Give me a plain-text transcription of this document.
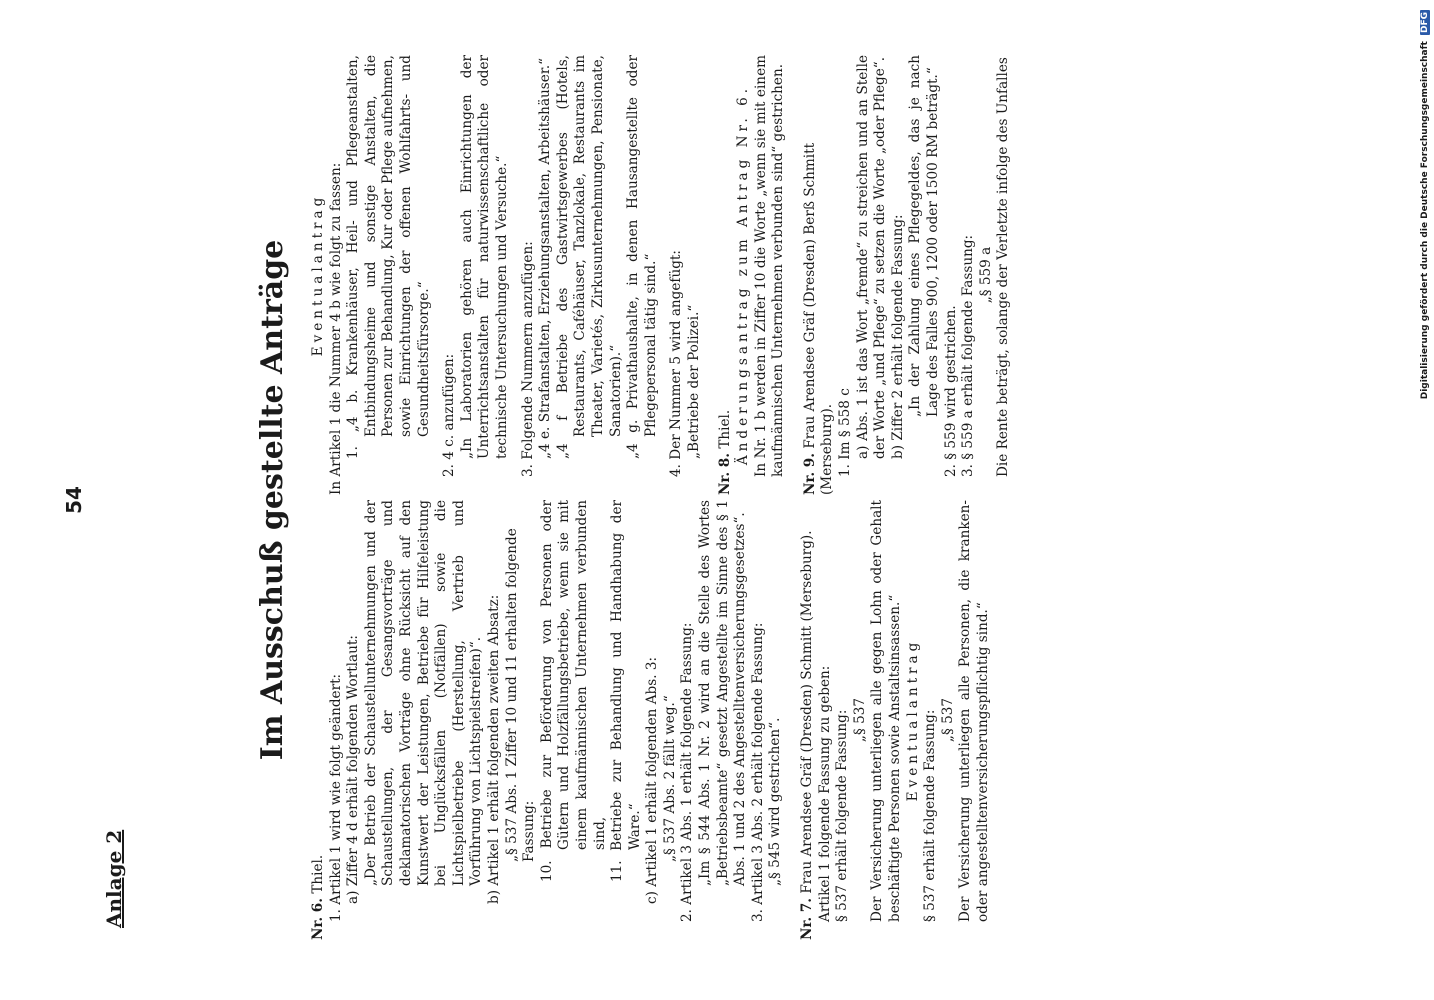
54

Anlage 2

Im Ausschuß gestellte Anträge
Nr. 6. Thiel. 1. Artikel 1 wird wie folgt geändert: a) Ziffer 4 d erhält folgenden Wortlaut: „Der Betrieb der Schaustellunternehmungen und der Schaustellungen, der Gesangsvorträge und deklamatorischen Vorträge ohne Rücksicht auf den Kunstwert der Leistungen, Betriebe für Hilfeleistung bei Unglücksfällen (Notfällen) sowie die Lichtspielbetriebe (Herstellung, Vertrieb und Vorführung von Lichtspielstreifen)“. b) Artikel 1 erhält folgenden zweiten Absatz: „§ 537 Abs. 1 Ziffer 10 und 11 erhalten folgende Fassung: 10. Betriebe zur Beförderung von Personen oder Gütern und Holzfällungsbetriebe, wenn sie mit einem kaufmännischen Unternehmen verbunden sind, 11. Betriebe zur Behandlung und Handhabung der Ware.“ c) Artikel 1 erhält folgenden Abs. 3: „§ 537 Abs. 2 fällt weg.“ 2. Artikel 3 Abs. 1 erhält folgende Fassung: „Im § 544 Abs. 1 Nr. 2 wird an die Stelle des Wortes „Betriebsbeamte“ gesetzt Angestellte im Sinne des § 1 Abs. 1 und 2 des Angestelltenversicherungsgesetzes“. 3. Artikel 3 Abs. 2 erhält folgende Fassung: „§ 545 wird gestrichen“.

Nr. 7. Frau Arendsee Gräf (Dresden) Schmitt (Merseburg). Artikel 1 folgende Fassung zu geben: § 537 erhält folgende Fassung: „§ 537 Der Versicherung unterliegen alle gegen Lohn oder Gehalt beschäftigte Personen sowie Anstaltsinsassen.“ Eventualantrag § 537 erhält folgende Fassung: „§ 537 Der Versicherung unterliegen alle Personen, die kranken- oder angestelltenversicherungspflichtig sind.“

Eventualantrag In Artikel 1 die Nummer 4 b wie folgt zu fassen: 1. „4 b. Krankenhäuser, Heil- und Pflegeanstalten, Entbindungsheime und sonstige Anstalten, die Personen zur Behandlung, Kur oder Pflege aufnehmen, sowie Einrichtungen der offenen Wohlfahrts- und Gesundheitsfürsorge.“ 2. 4 c. anzufügen: „In Laboratorien gehören auch Einrichtungen der Unterrichtsanstalten für naturwissenschaftliche oder technische Untersuchungen und Versuche.“ 3. Folgende Nummern anzufügen: „4 e. Strafanstalten, Erziehungsanstalten, Arbeitshäuser.“ „4 f Betriebe des Gastwirtsgewerbes (Hotels, Restaurants, Caféhäuser, Tanzlokale, Restaurants im Theater, Varietés, Zirkusunternehmungen, Pensionate, Sanatorien).“ „4 g. Privathaushalte, in denen Hausangestellte oder Pflegepersonal tätig sind.“ 4. Der Nummer 5 wird angefügt: „Betriebe der Polizei.“

Nr. 8. Thiel. Änderungsantrag zum Antrag Nr. 6. In Nr. 1 b werden in Ziffer 10 die Worte „wenn sie mit einem kaufmännischen Unternehmen verbunden sind“ gestrichen. Nr. 9. Frau Arendsee Gräf (Dresden) Berß Schmitt (Merseburg). 1. Im § 558 c a) Abs. 1 ist das Wort „fremde“ zu streichen und an Stelle der Worte „und Pflege“ zu setzen die Worte „oder Pflege“. b) Ziffer 2 erhält folgende Fassung: „In der Zahlung eines Pflegegeldes, das je nach Lage des Falles 900, 1200 oder 1500 RM beträgt.“ 2. § 559 wird gestrichen. 3. § 559 a erhält folgende Fassung: „§ 559 a Die Rente beträgt, solange der Verletzte infolge des Unfalles	Digitalisierung gefördert durch die Deutsche Forschungsgemeinschaft DFG
